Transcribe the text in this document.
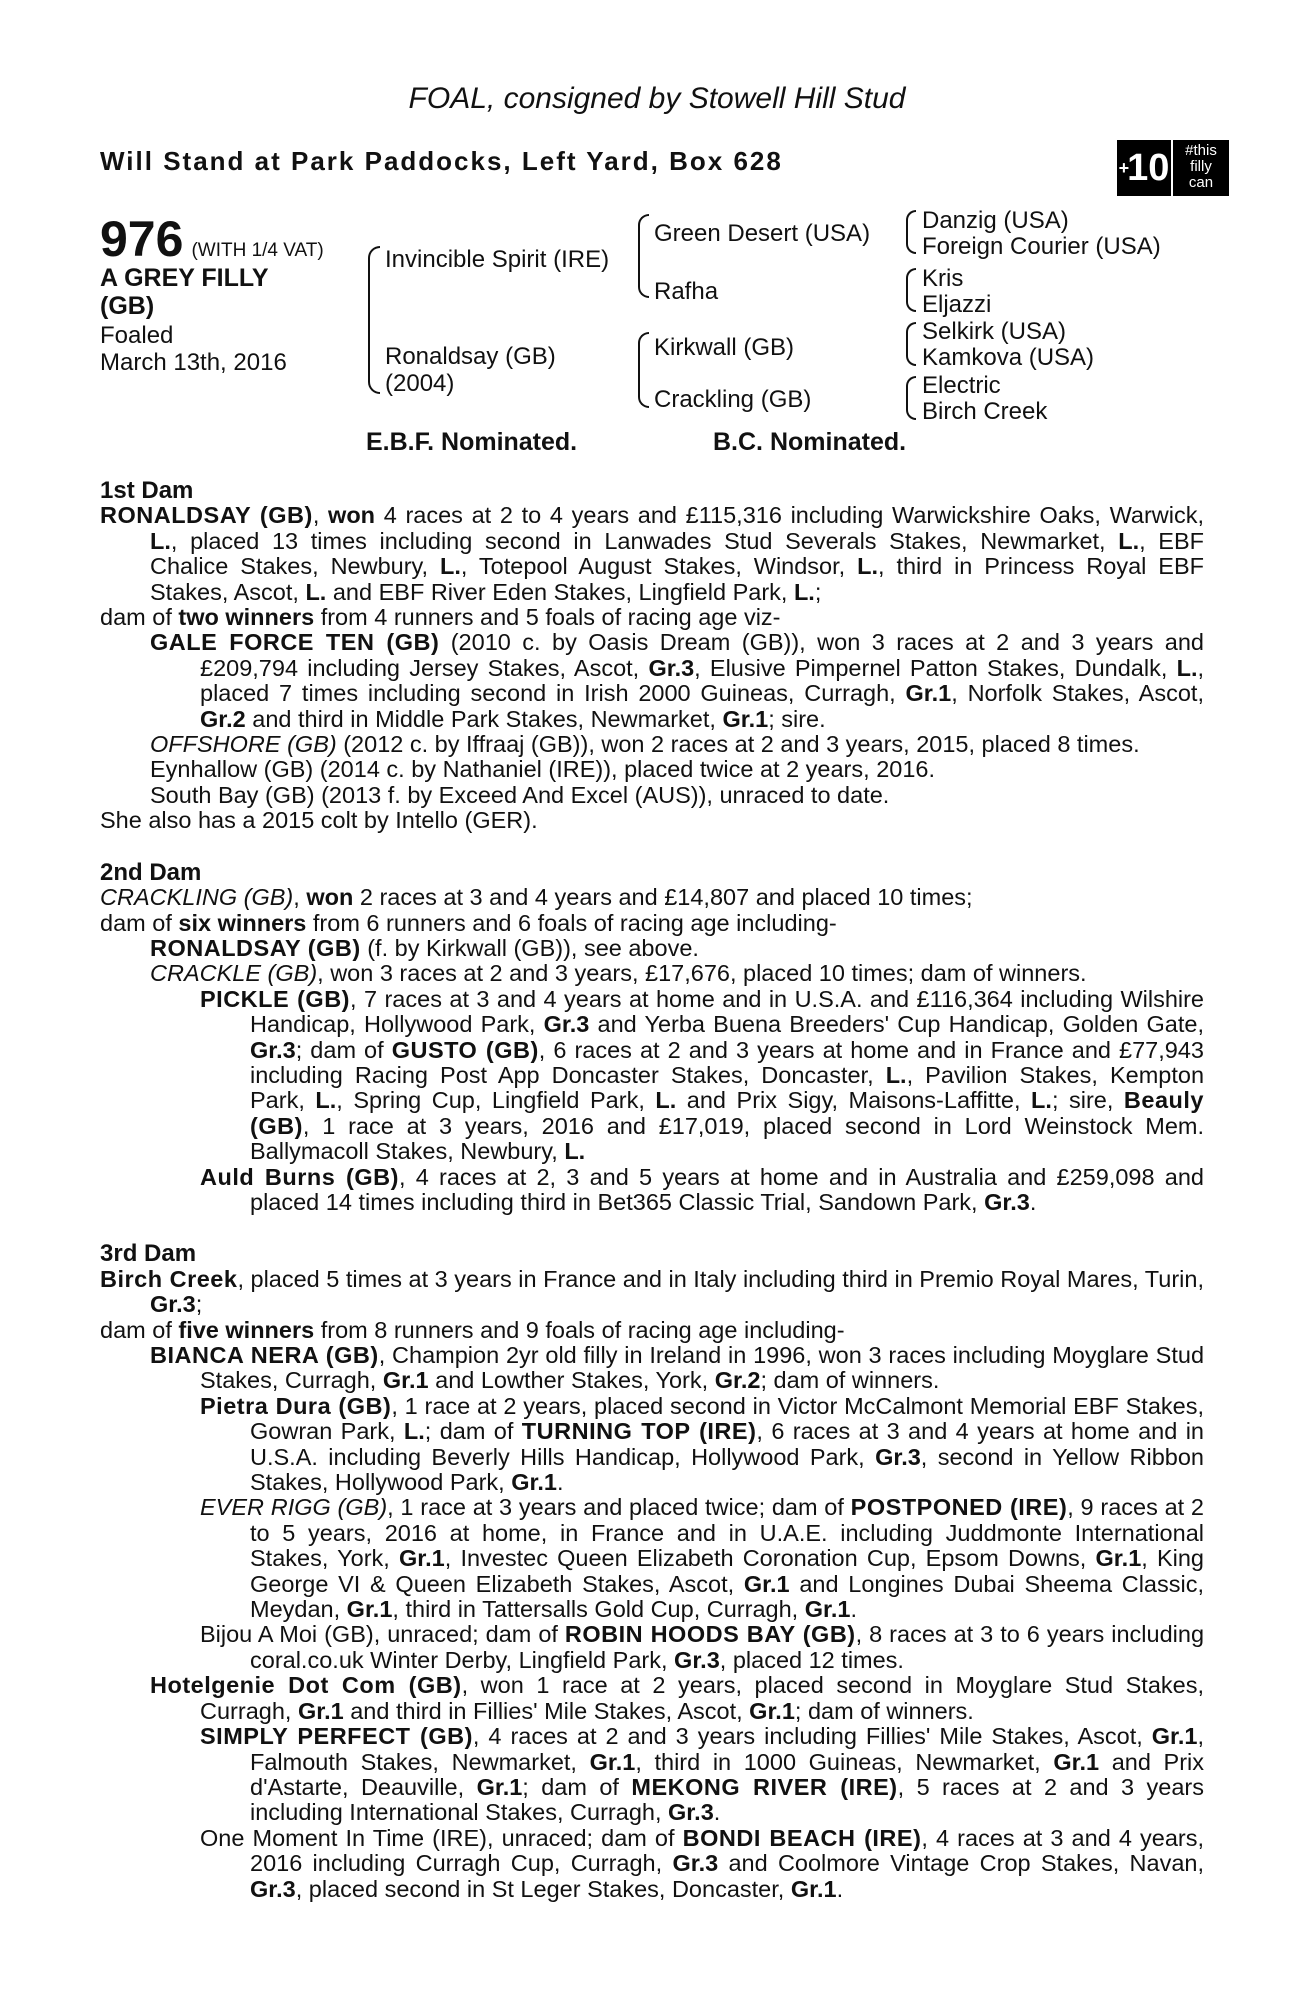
FOAL, consigned by Stowell Hill Stud
Will Stand at Park Paddocks, Left Yard, Box 628	+
10	#this
filly
can
976 (WITH 1/4 VAT)
A GREY FILLY
(GB)
Foaled
March 13th, 2016
Invincible Spirit (IRE)
Ronaldsay (GB)
(2004)
Green Desert (USA)
Rafha
Kirkwall (GB)
Crackling (GB)
Danzig (USA)
Foreign Courier (USA)
Kris
Eljazzi
Selkirk (USA)
Kamkova (USA)
Electric
Birch Creek
E.B.F. Nominated.	B.C. Nominated.

1st Dam

RONALDSAY (GB), won 4 races at 2 to 4 years and £115,316 including Warwickshire Oaks, Warwick, L., placed 13 times including second in Lanwades Stud Severals Stakes, Newmarket, L., EBF Chalice Stakes, Newbury, L., Totepool August Stakes, Windsor, L., third in Princess Royal EBF Stakes, Ascot, L. and EBF River Eden Stakes, Lingfield Park, L.;

dam of two winners from 4 runners and 5 foals of racing age viz-

GALE FORCE TEN (GB) (2010 c. by Oasis Dream (GB)), won 3 races at 2 and 3 years and £209,794 including Jersey Stakes, Ascot, Gr.3, Elusive Pimpernel Patton Stakes, Dundalk, L., placed 7 times including second in Irish 2000 Guineas, Curragh, Gr.1, Norfolk Stakes, Ascot, Gr.2 and third in Middle Park Stakes, Newmarket, Gr.1; sire.

OFFSHORE (GB) (2012 c. by Iffraaj (GB)), won 2 races at 2 and 3 years, 2015, placed 8 times.

Eynhallow (GB) (2014 c. by Nathaniel (IRE)), placed twice at 2 years, 2016.

South Bay (GB) (2013 f. by Exceed And Excel (AUS)), unraced to date.

She also has a 2015 colt by Intello (GER).

2nd Dam

CRACKLING (GB), won 2 races at 3 and 4 years and £14,807 and placed 10 times;

dam of six winners from 6 runners and 6 foals of racing age including-

RONALDSAY (GB) (f. by Kirkwall (GB)), see above.

CRACKLE (GB), won 3 races at 2 and 3 years, £17,676, placed 10 times; dam of winners.

PICKLE (GB), 7 races at 3 and 4 years at home and in U.S.A. and £116,364 including Wilshire Handicap, Hollywood Park, Gr.3 and Yerba Buena Breeders' Cup Handicap, Golden Gate, Gr.3; dam of GUSTO (GB), 6 races at 2 and 3 years at home and in France and £77,943 including Racing Post App Doncaster Stakes, Doncaster, L., Pavilion Stakes, Kempton Park, L., Spring Cup, Lingfield Park, L. and Prix Sigy, Maisons-Laffitte, L.; sire, Beauly (GB), 1 race at 3 years, 2016 and £17,019, placed second in Lord Weinstock Mem. Ballymacoll Stakes, Newbury, L.

Auld Burns (GB), 4 races at 2, 3 and 5 years at home and in Australia and £259,098 and placed 14 times including third in Bet365 Classic Trial, Sandown Park, Gr.3.

3rd Dam

Birch Creek, placed 5 times at 3 years in France and in Italy including third in Premio Royal Mares, Turin, Gr.3;

dam of five winners from 8 runners and 9 foals of racing age including-

BIANCA NERA (GB), Champion 2yr old filly in Ireland in 1996, won 3 races including Moyglare Stud Stakes, Curragh, Gr.1 and Lowther Stakes, York, Gr.2; dam of winners.

Pietra Dura (GB), 1 race at 2 years, placed second in Victor McCalmont Memorial EBF Stakes, Gowran Park, L.; dam of TURNING TOP (IRE), 6 races at 3 and 4 years at home and in U.S.A. including Beverly Hills Handicap, Hollywood Park, Gr.3, second in Yellow Ribbon Stakes, Hollywood Park, Gr.1.

EVER RIGG (GB), 1 race at 3 years and placed twice; dam of POSTPONED (IRE), 9 races at 2 to 5 years, 2016 at home, in France and in U.A.E. including Juddmonte International Stakes, York, Gr.1, Investec Queen Elizabeth Coronation Cup, Epsom Downs, Gr.1, King George VI & Queen Elizabeth Stakes, Ascot, Gr.1 and Longines Dubai Sheema Classic, Meydan, Gr.1, third in Tattersalls Gold Cup, Curragh, Gr.1.

Bijou A Moi (GB), unraced; dam of ROBIN HOODS BAY (GB), 8 races at 3 to 6 years including coral.co.uk Winter Derby, Lingfield Park, Gr.3, placed 12 times.

Hotelgenie Dot Com (GB), won 1 race at 2 years, placed second in Moyglare Stud Stakes, Curragh, Gr.1 and third in Fillies' Mile Stakes, Ascot, Gr.1; dam of winners.

SIMPLY PERFECT (GB), 4 races at 2 and 3 years including Fillies' Mile Stakes, Ascot, Gr.1, Falmouth Stakes, Newmarket, Gr.1, third in 1000 Guineas, Newmarket, Gr.1 and Prix d'Astarte, Deauville, Gr.1; dam of MEKONG RIVER (IRE), 5 races at 2 and 3 years including International Stakes, Curragh, Gr.3.

One Moment In Time (IRE), unraced; dam of BONDI BEACH (IRE), 4 races at 3 and 4 years, 2016 including Curragh Cup, Curragh, Gr.3 and Coolmore Vintage Crop Stakes, Navan, Gr.3, placed second in St Leger Stakes, Doncaster, Gr.1.
